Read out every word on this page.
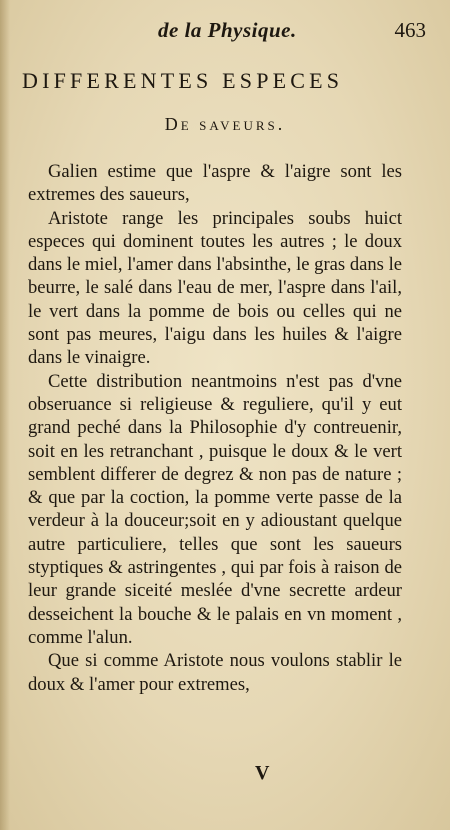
de la Physique.	463
DIFFERENTES ESPECES
De saveurs.

Galien estime que l'aspre & l'aigre sont les extremes des saueurs,

Aristote range les principales soubs huict especes qui dominent toutes les autres ; le doux dans le miel, l'amer dans l'absinthe, le gras dans le beurre, le salé dans l'eau de mer, l'aspre dans l'ail, le vert dans la pomme de bois ou celles qui ne sont pas meures, l'aigu dans les huiles & l'aigre dans le vinaigre.

Cette distribution neantmoins n'est pas d'vne obseruance si religieuse & reguliere, qu'il y eut grand peché dans la Philosophie d'y contreuenir, soit en les retranchant , puisque le doux & le vert semblent differer de degrez & non pas de nature ; & que par la coction, la pomme verte passe de la verdeur à la douceur;soit en y adioustant quelque autre particuliere, telles que sont les saueurs styptiques & astringentes , qui par fois à raison de leur grande siceité meslée d'vne secrette ardeur desseichent la bouche & le palais en vn moment , comme l'alun.

Que si comme Aristote nous voulons stablir le doux & l'amer pour extremes,

V
